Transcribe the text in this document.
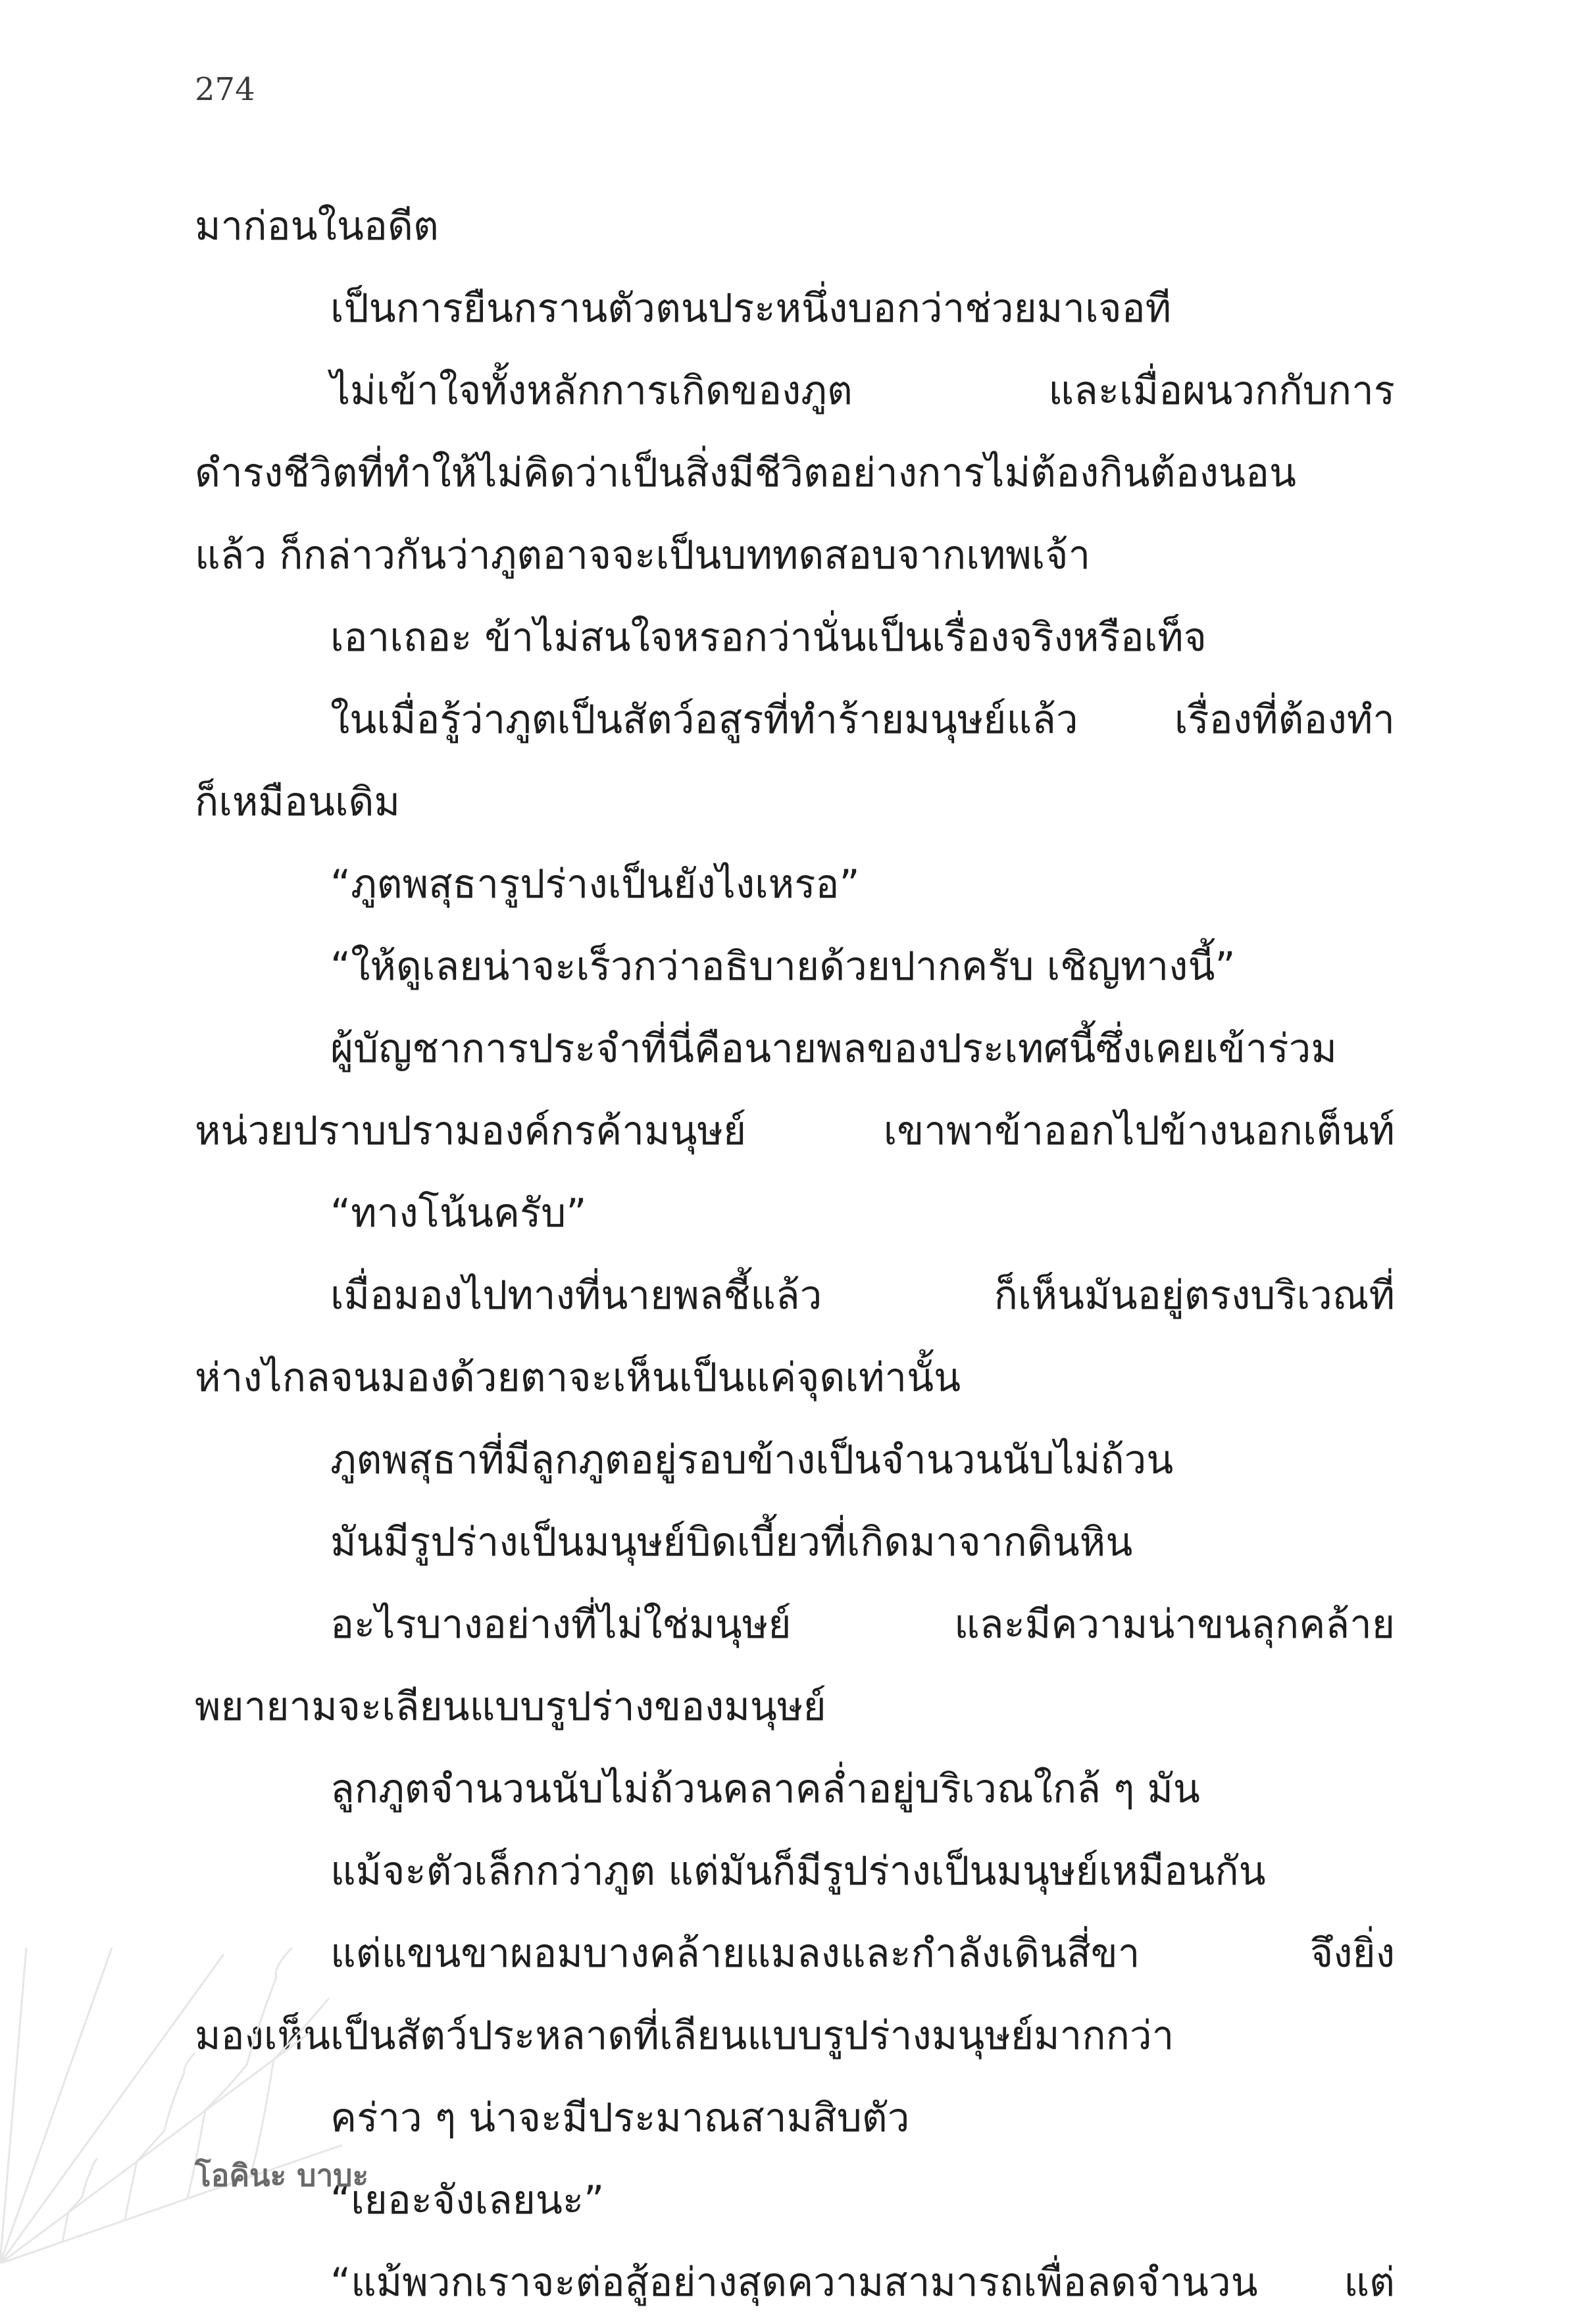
274
มาก่อนในอดีต
เป็นการยืนกรานตัวตนประหนึ่งบอกว่าช่วยมาเจอที
ไม่เข้าใจทั้งหลักการเกิดของภูต และเมื่อผนวกกับการ
ดำรงชีวิตที่ทำให้ไม่คิดว่าเป็นสิ่งมีชีวิตอย่างการไม่ต้องกินต้องนอน
แล้ว ก็กล่าวกันว่าภูตอาจจะเป็นบททดสอบจากเทพเจ้า
เอาเถอะ ข้าไม่สนใจหรอกว่านั่นเป็นเรื่องจริงหรือเท็จ
ในเมื่อรู้ว่าภูตเป็นสัตว์อสูรที่ทำร้ายมนุษย์แล้ว เรื่องที่ต้องทำ
ก็เหมือนเดิม
“ภูตพสุธารูปร่างเป็นยังไงเหรอ”
“ให้ดูเลยน่าจะเร็วกว่าอธิบายด้วยปากครับ เชิญทางนี้”
ผู้บัญชาการประจำที่นี่คือนายพลของประเทศนี้ซึ่งเคยเข้าร่วม
หน่วยปราบปรามองค์กรค้ามนุษย์ เขาพาข้าออกไปข้างนอกเต็นท์
“ทางโน้นครับ”
เมื่อมองไปทางที่นายพลชี้แล้ว ก็เห็นมันอยู่ตรงบริเวณที่
ห่างไกลจนมองด้วยตาจะเห็นเป็นแค่จุดเท่านั้น
ภูตพสุธาที่มีลูกภูตอยู่รอบข้างเป็นจำนวนนับไม่ถ้วน
มันมีรูปร่างเป็นมนุษย์บิดเบี้ยวที่เกิดมาจากดินหิน
อะไรบางอย่างที่ไม่ใช่มนุษย์ และมีความน่าขนลุกคล้าย
พยายามจะเลียนแบบรูปร่างของมนุษย์
ลูกภูตจำนวนนับไม่ถ้วนคลาคล่ำอยู่บริเวณใกล้ ๆ มัน
แม้จะตัวเล็กกว่าภูต แต่มันก็มีรูปร่างเป็นมนุษย์เหมือนกัน
แต่แขนขาผอมบางคล้ายแมลงและกำลังเดินสี่ขา จึงยิ่ง
มองเห็นเป็นสัตว์ประหลาดที่เลียนแบบรูปร่างมนุษย์มากกว่า
คร่าว ๆ น่าจะมีประมาณสามสิบตัว
“เยอะจังเลยนะ”
“แม้พวกเราจะต่อสู้อย่างสุดความสามารถเพื่อลดจำนวน แต่
โอคินะ บาบะ
